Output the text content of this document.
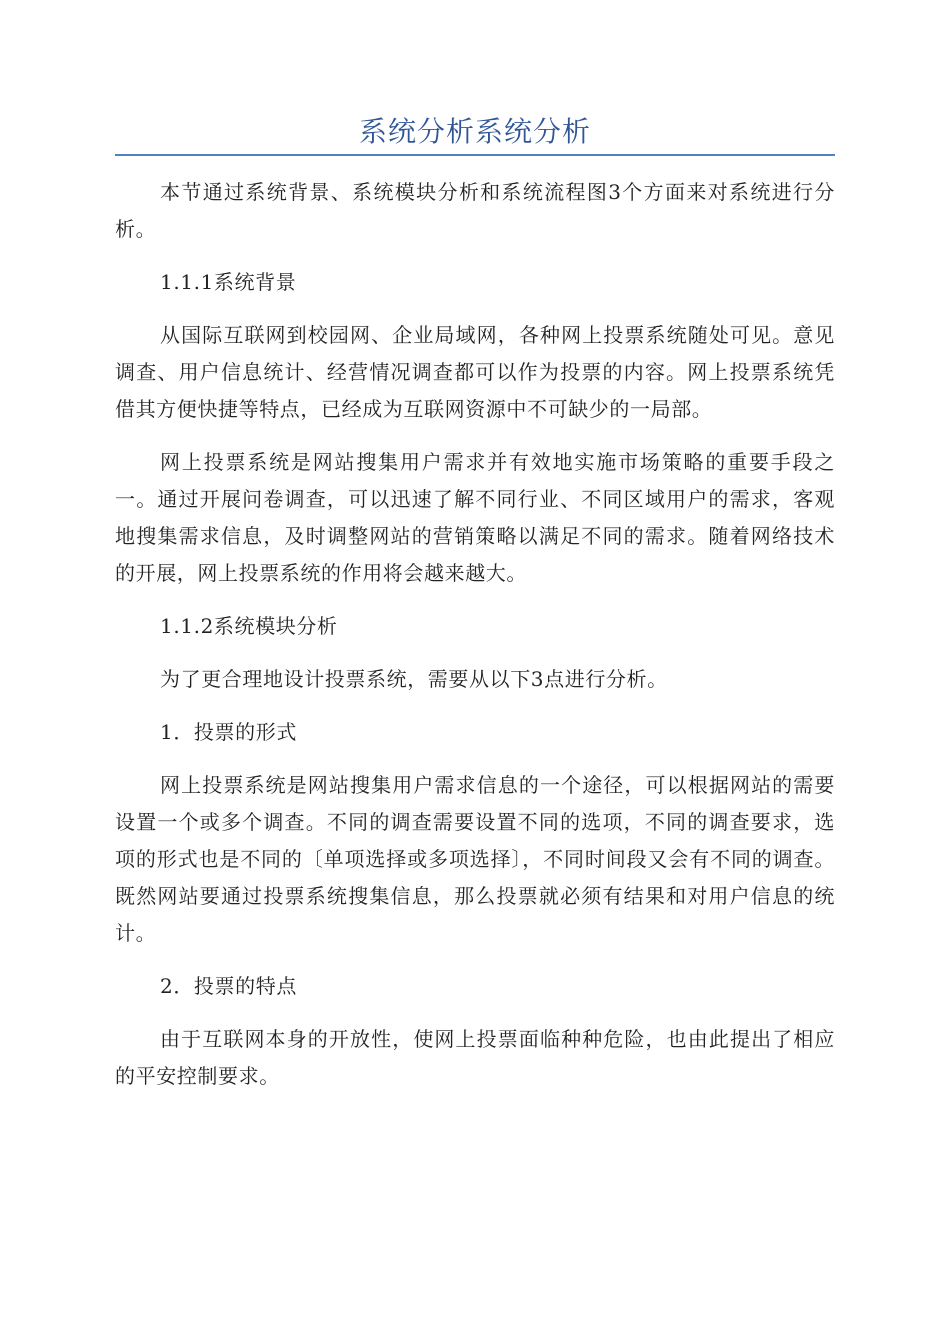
系统分析系统分析

本节通过系统背景、系统模块分析和系统流程图3个方面来对系统进行分析。

1.1.1系统背景

从国际互联网到校园网、企业局域网，各种网上投票系统随处可见。意见调查、用户信息统计、经营情况调查都可以作为投票的内容。网上投票系统凭借其方便快捷等特点，已经成为互联网资源中不可缺少的一局部。

网上投票系统是网站搜集用户需求并有效地实施市场策略的重要手段之一。通过开展问卷调查，可以迅速了解不同行业、不同区域用户的需求，客观地搜集需求信息，及时调整网站的营销策略以满足不同的需求。随着网络技术的开展，网上投票系统的作用将会越来越大。

1.1.2系统模块分析

为了更合理地设计投票系统，需要从以下3点进行分析。

1．投票的形式

网上投票系统是网站搜集用户需求信息的一个途径，可以根据网站的需要设置一个或多个调查。不同的调查需要设置不同的选项，不同的调查要求，选项的形式也是不同的〔单项选择或多项选择〕，不同时间段又会有不同的调查。既然网站要通过投票系统搜集信息，那么投票就必须有结果和对用户信息的统计。

2．投票的特点

由于互联网本身的开放性，使网上投票面临种种危险，也由此提出了相应的平安控制要求。
